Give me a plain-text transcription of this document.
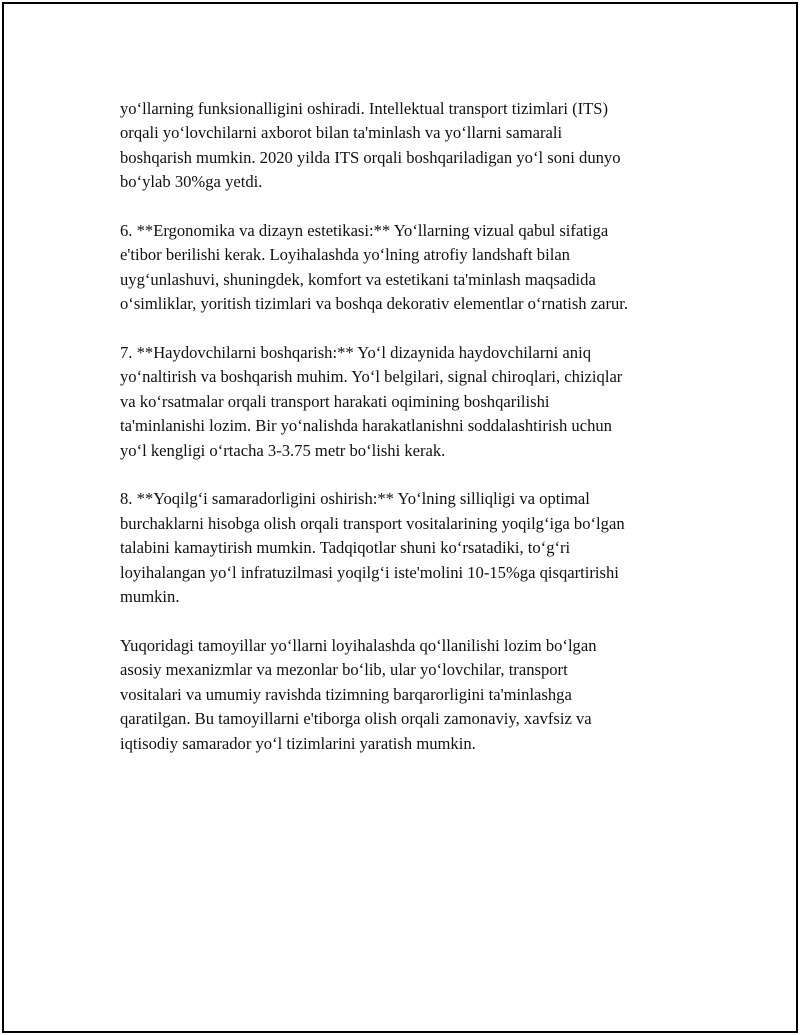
yo‘llarning funksionalligini oshiradi. Intellektual transport tizimlari (ITS)
orqali yo‘lovchilarni axborot bilan ta'minlash va yo‘llarni samarali
boshqarish mumkin. 2020 yilda ITS orqali boshqariladigan yo‘l soni dunyo
bo‘ylab 30%ga yetdi.

6. **Ergonomika va dizayn estetikasi:** Yo‘llarning vizual qabul sifatiga
e'tibor berilishi kerak. Loyihalashda yo‘lning atrofiy landshaft bilan
uyg‘unlashuvi, shuningdek, komfort va estetikani ta'minlash maqsadida
o‘simliklar, yoritish tizimlari va boshqa dekorativ elementlar o‘rnatish zarur.

7. **Haydovchilarni boshqarish:** Yo‘l dizaynida haydovchilarni aniq
yo‘naltirish va boshqarish muhim. Yo‘l belgilari, signal chiroqlari, chiziqlar
va ko‘rsatmalar orqali transport harakati oqimining boshqarilishi
ta'minlanishi lozim. Bir yo‘nalishda harakatlanishni soddalashtirish uchun
yo‘l kengligi o‘rtacha 3-3.75 metr bo‘lishi kerak.

8. **Yoqilg‘i samaradorligini oshirish:** Yo‘lning silliqligi va optimal
burchaklarni hisobga olish orqali transport vositalarining yoqilg‘iga bo‘lgan
talabini kamaytirish mumkin. Tadqiqotlar shuni ko‘rsatadiki, to‘g‘ri
loyihalangan yo‘l infratuzilmasi yoqilg‘i iste'molini 10-15%ga qisqartirishi
mumkin.

Yuqoridagi tamoyillar yo‘llarni loyihalashda qo‘llanilishi lozim bo‘lgan
asosiy mexanizmlar va mezonlar bo‘lib, ular yo‘lovchilar, transport
vositalari va umumiy ravishda tizimning barqarorligini ta'minlashga
qaratilgan. Bu tamoyillarni e'tiborga olish orqali zamonaviy, xavfsiz va
iqtisodiy samarador yo‘l tizimlarini yaratish mumkin.
